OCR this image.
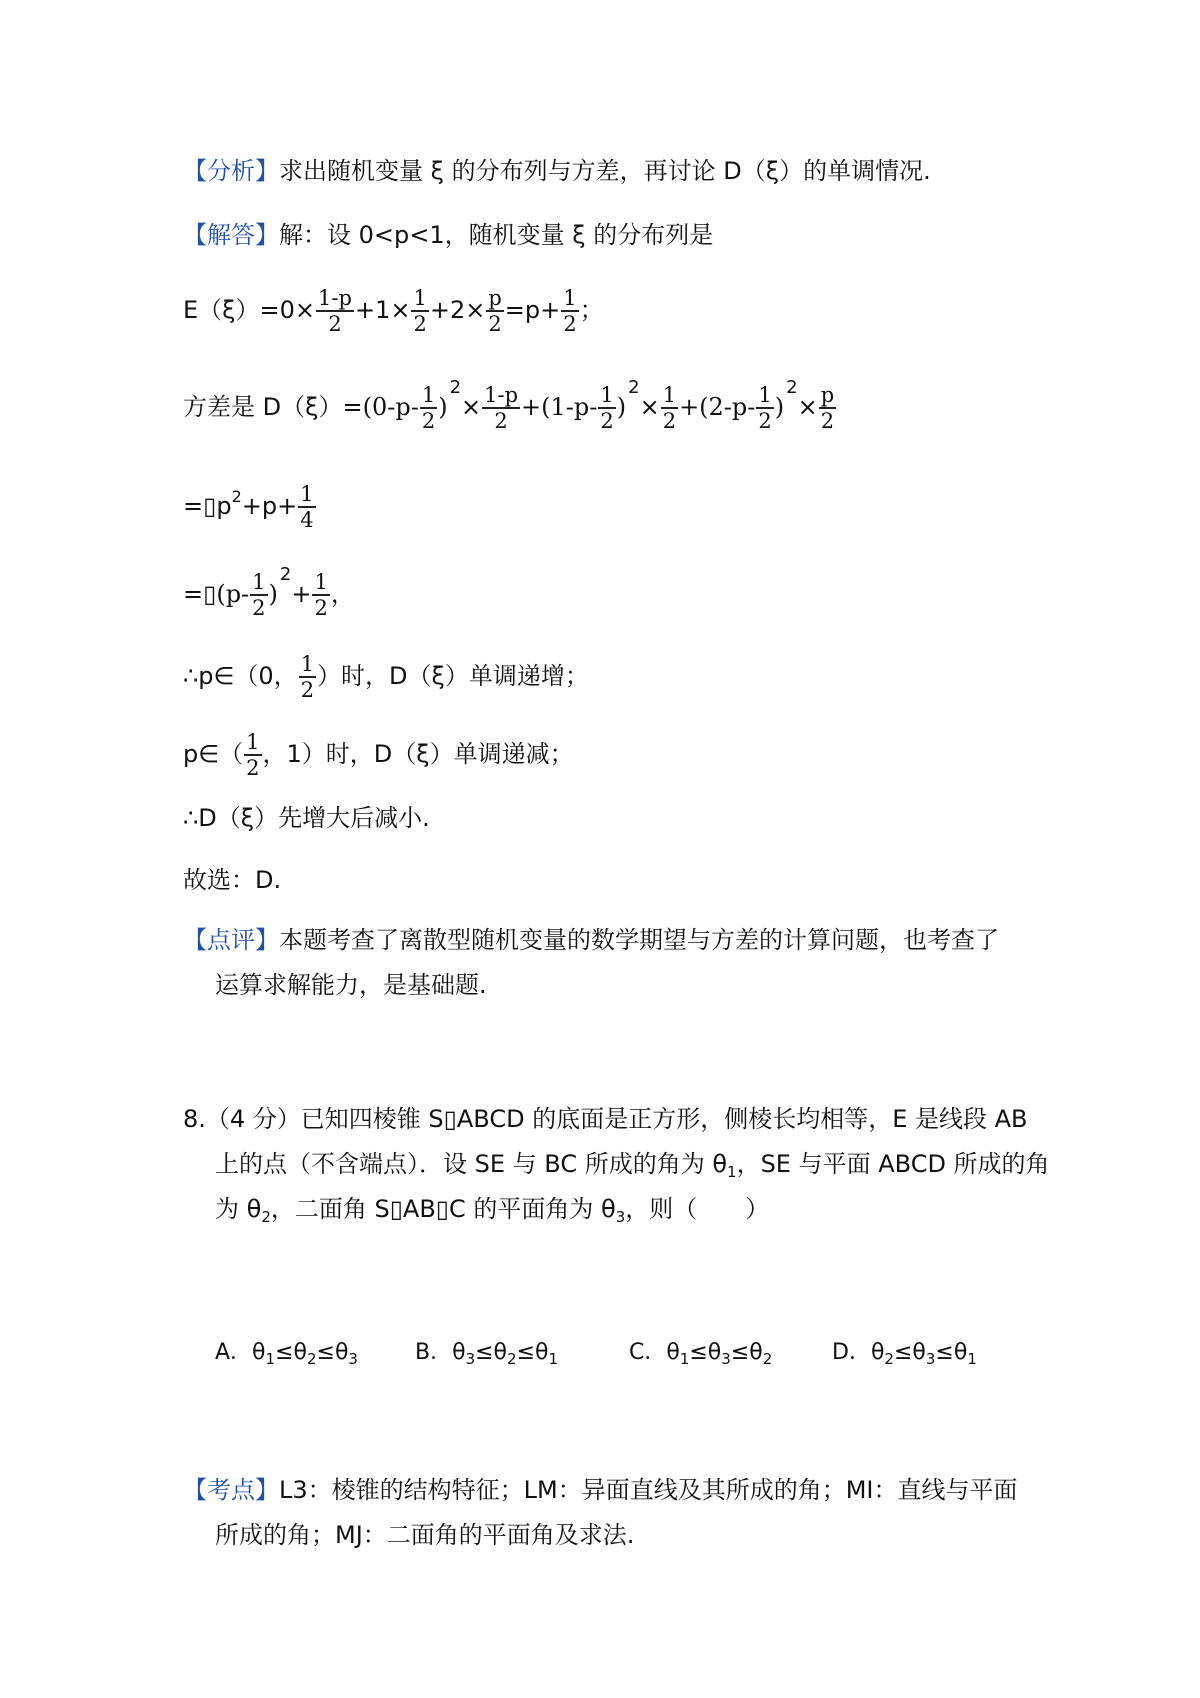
【分析】求出随机变量 ξ 的分布列与方差，再讨论 D（ξ）的单调情况.
【解答】解：设 0<p<1，随机变量 ξ 的分布列是
$E(\xi)=0\times \frac{1-p}{2} +1\times \frac{1}{2} +2\times \frac{p}{2} =p+ \frac{1}{2}$ ；
方差是 $D(\xi)=(0-p- \frac{1}{2} )^2\times \frac{1-p}{2} +(1-p- \frac{1}{2} )^2\times \frac{1}{2} +(2-p- \frac{1}{2} )^2\times \frac{p}{2}$
$=▯p^2+p+ \frac{1}{4}$
=▯(p- $\frac{1}{2} )^2+ \frac{1}{2}$ ，
∴p∈（0， $\frac{1}{2}$ ）时，D（ξ）单调递增；
p∈（ $\frac{1}{2}$ ，1）时，D（ξ）单调递减；
∴D（ξ）先增大后减小.
故选：D.
【点评】本题考查了离散型随机变量的数学期望与方差的计算问题，也考查了
运算求解能力，是基础题.
8.（4 分）已知四棱锥 S▯ABCD 的底面是正方形，侧棱长均相等，E 是线段 AB
上的点（不含端点）．设 SE 与 BC 所成的角为 $\theta_1$，SE 与平面 ABCD 所成的角
为 $\theta_2$，二面角 S▯AB▯C 的平面角为 $\theta_3$，则（　　）
A．$\theta_1\le\theta_2\le\theta_3$	B．$\theta_3\le\theta_2\le\theta_1$	C．$\theta_1\le\theta_3\le\theta_2$	D．$\theta_2\le\theta_3\le\theta_1$
【考点】L3：棱锥的结构特征；LM：异面直线及其所成的角；MI：直线与平面
所成的角；MJ：二面角的平面角及求法.
